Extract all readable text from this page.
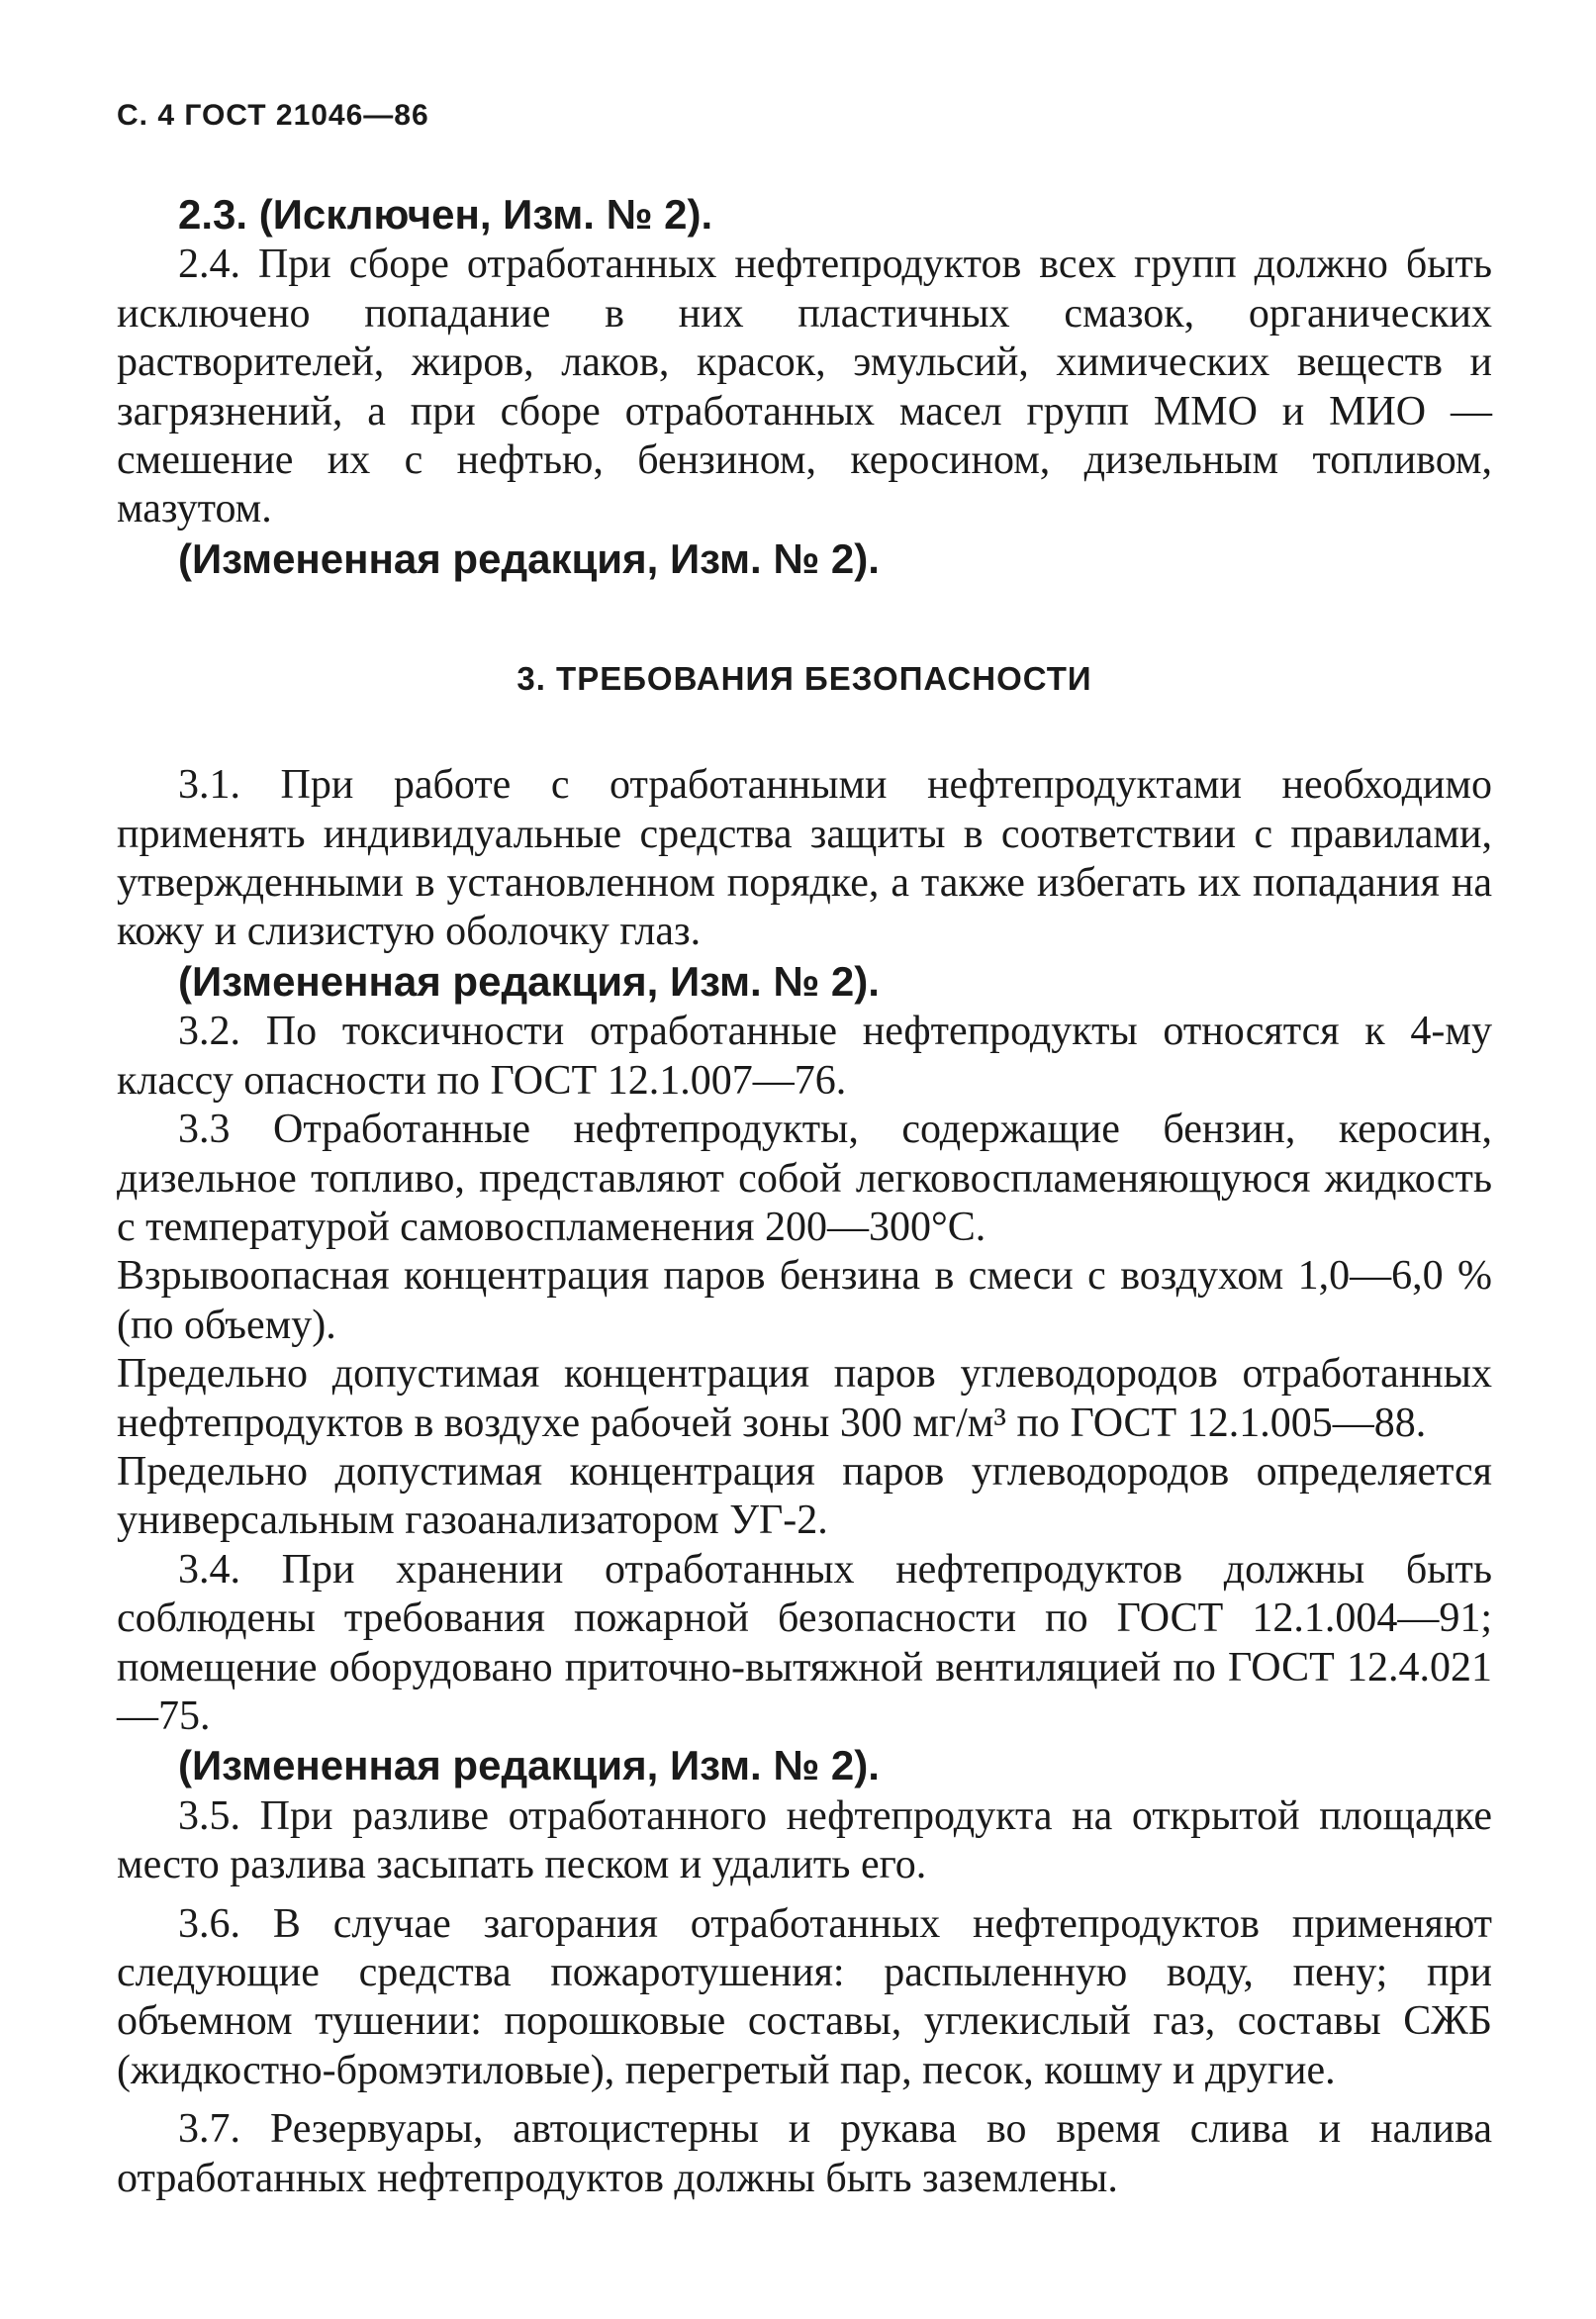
С. 4 ГОСТ 21046—86

2.3. (Исключен, Изм. № 2).

2.4. При сборе отработанных нефтепродуктов всех групп должно быть исключено попадание в них пластичных смазок, органических растворителей, жиров, лаков, красок, эмульсий, химических веществ и загрязнений, а при сборе отработанных масел групп ММО и МИО — смешение их с нефтью, бензином, керосином, дизельным топливом, мазутом.

(Измененная редакция, Изм. № 2).

3. ТРЕБОВАНИЯ БЕЗОПАСНОСТИ

3.1. При работе с отработанными нефтепродуктами необходимо применять индивидуальные средства защиты в соответствии с правилами, утвержденными в установленном порядке, а также избегать их попадания на кожу и слизистую оболочку глаз.

(Измененная редакция, Изм. № 2).

3.2. По токсичности отработанные нефтепродукты относятся к 4-му классу опасности по ГОСТ 12.1.007—76.

3.3 Отработанные нефтепродукты, содержащие бензин, керосин, дизельное топливо, представляют собой легковоспламеняющуюся жидкость с температурой самовоспламенения 200—300°С.

Взрывоопасная концентрация паров бензина в смеси с воздухом 1,0—6,0 % (по объему).

Предельно допустимая концентрация паров углеводородов отработанных нефтепродуктов в воздухе рабочей зоны 300 мг/м³ по ГОСТ 12.1.005—88.

Предельно допустимая концентрация паров углеводородов определяется универсальным газоанализатором УГ-2.

3.4. При хранении отработанных нефтепродуктов должны быть соблюдены требования пожарной безопасности по ГОСТ 12.1.004—91; помещение оборудовано приточно-вытяжной вентиляцией по ГОСТ 12.4.021—75.

(Измененная редакция, Изм. № 2).

3.5. При разливе отработанного нефтепродукта на открытой площадке место разлива засыпать песком и удалить его.

3.6. В случае загорания отработанных нефтепродуктов применяют следующие средства пожаротушения: распыленную воду, пену; при объемном тушении: порошковые составы, углекислый газ, составы СЖБ (жидкостно-бромэтиловые), перегретый пар, песок, кошму и другие.

3.7. Резервуары, автоцистерны и рукава во время слива и налива отработанных нефтепродуктов должны быть заземлены.
